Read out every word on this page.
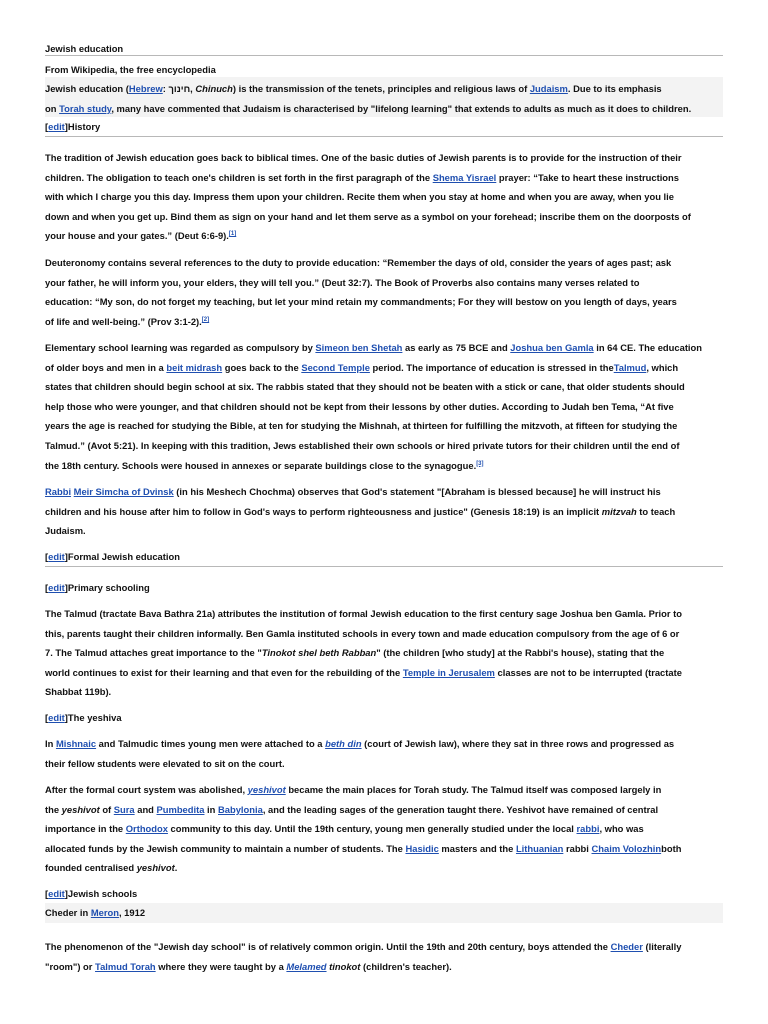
Jewish education
From Wikipedia, the free encyclopedia
Jewish education (Hebrew: חינוך‎, Chinuch) is the transmission of the tenets, principles and religious laws of Judaism. Due to its emphasis
on Torah study, many have commented that Judaism is characterised by "lifelong learning" that extends to adults as much as it does to children.
[edit]History
The tradition of Jewish education goes back to biblical times. One of the basic duties of Jewish parents is to provide for the instruction of their
children. The obligation to teach one's children is set forth in the first paragraph of the Shema Yisrael prayer: “Take to heart these instructions
with which I charge you this day. Impress them upon your children. Recite them when you stay at home and when you are away, when you lie
down and when you get up. Bind them as sign on your hand and let them serve as a symbol on your forehead; inscribe them on the doorposts of
your house and your gates.” (Deut 6:6-9).[1]
Deuteronomy contains several references to the duty to provide education: “Remember the days of old, consider the years of ages past; ask
your father, he will inform you, your elders, they will tell you.” (Deut 32:7). The Book of Proverbs also contains many verses related to
education: “My son, do not forget my teaching, but let your mind retain my commandments; For they will bestow on you length of days, years
of life and well-being.” (Prov 3:1-2).[2]
Elementary school learning was regarded as compulsory by Simeon ben Shetah as early as 75 BCE and Joshua ben Gamla in 64 CE. The education
of older boys and men in a beit midrash goes back to the Second Temple period. The importance of education is stressed in theTalmud, which
states that children should begin school at six. The rabbis stated that they should not be beaten with a stick or cane, that older students should
help those who were younger, and that children should not be kept from their lessons by other duties. According to Judah ben Tema, “At five
years the age is reached for studying the Bible, at ten for studying the Mishnah, at thirteen for fulfilling the mitzvoth, at fifteen for studying the
Talmud.” (Avot 5:21). In keeping with this tradition, Jews established their own schools or hired private tutors for their children until the end of
the 18th century. Schools were housed in annexes or separate buildings close to the synagogue.[3]
Rabbi Meir Simcha of Dvinsk (in his Meshech Chochma) observes that God's statement "[Abraham is blessed because] he will instruct his
children and his house after him to follow in God's ways to perform righteousness and justice" (Genesis 18:19) is an implicit mitzvah to teach
Judaism.
[edit]Formal Jewish education
[edit]Primary schooling
The Talmud (tractate Bava Bathra 21a) attributes the institution of formal Jewish education to the first century sage Joshua ben Gamla. Prior to
this, parents taught their children informally. Ben Gamla instituted schools in every town and made education compulsory from the age of 6 or
7. The Talmud attaches great importance to the "Tinokot shel beth Rabban" (the children [who study] at the Rabbi's house), stating that the
world continues to exist for their learning and that even for the rebuilding of the Temple in Jerusalem classes are not to be interrupted (tractate
Shabbat 119b).
[edit]The yeshiva
In Mishnaic and Talmudic times young men were attached to a beth din (court of Jewish law), where they sat in three rows and progressed as
their fellow students were elevated to sit on the court.
After the formal court system was abolished, yeshivot became the main places for Torah study. The Talmud itself was composed largely in
the yeshivot of Sura and Pumbedita in Babylonia, and the leading sages of the generation taught there. Yeshivot have remained of central
importance in the Orthodox community to this day. Until the 19th century, young men generally studied under the local rabbi, who was
allocated funds by the Jewish community to maintain a number of students. The Hasidic masters and the Lithuanian rabbi Chaim Volozhinboth
founded centralised yeshivot.
[edit]Jewish schools
Cheder in Meron, 1912
The phenomenon of the "Jewish day school" is of relatively common origin. Until the 19th and 20th century, boys attended the Cheder (literally
"room") or Talmud Torah where they were taught by a Melamed tinokot (children's teacher).
